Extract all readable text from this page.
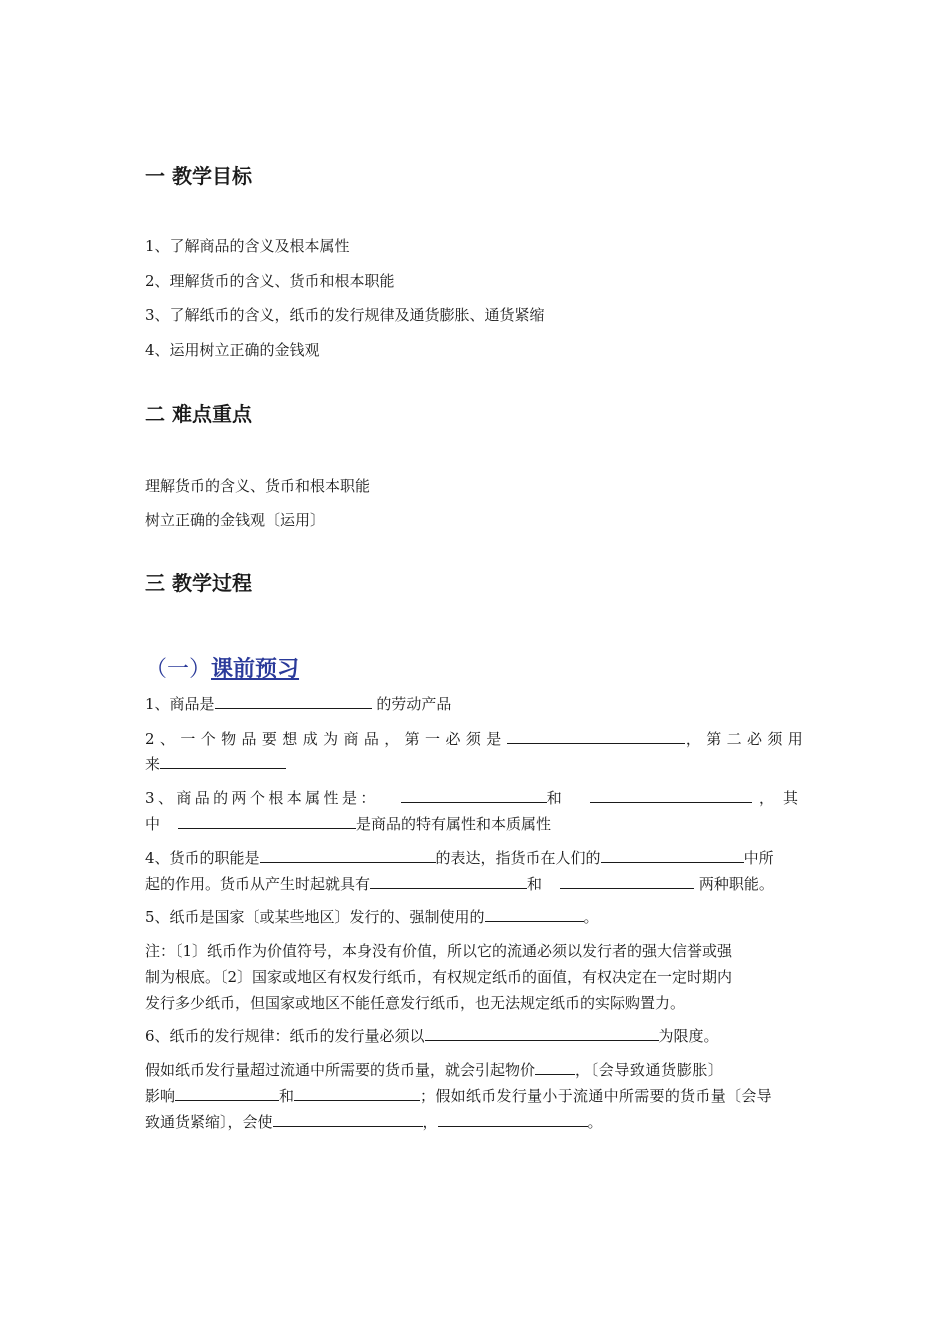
一 教学目标

1、了解商品的含义及根本属性

2、理解货币的含义、货币和根本职能

3、了解纸币的含义，纸币的发行规律及通货膨胀、通货紧缩

4、运用树立正确的金钱观

二 难点重点

理解货币的含义、货币和根本职能

树立正确的金钱观〔运用〕

三 教学过程
（一）课前预习

1、商品是	的劳动产品

2、一个物品要想成为商品，第一必须是	，第二必须用

来

3、商品的两个根本属性是：	和	，其

中	是商品的特有属性和本质属性

4、货币的职能是	的表达，指货币在人们的	中所

起的作用。货币从产生时起就具有	和	两种职能。

5、纸币是国家〔或某些地区〕发行的、强制使用的	。

注：〔1〕纸币作为价值符号，本身没有价值，所以它的流通必须以发行者的强大信誉或强

制为根底。〔2〕国家或地区有权发行纸币，有权规定纸币的面值，有权决定在一定时期内

发行多少纸币，但国家或地区不能任意发行纸币，也无法规定纸币的实际购置力。

6、纸币的发行规律：纸币的发行量必须以	为限度。

假如纸币发行量超过流通中所需要的货币量，就会引起物价	，〔会导致通货膨胀〕

影响	和	；假如纸币发行量小于流通中所需要的货币量〔会导

致通货紧缩〕，会使	，	。
